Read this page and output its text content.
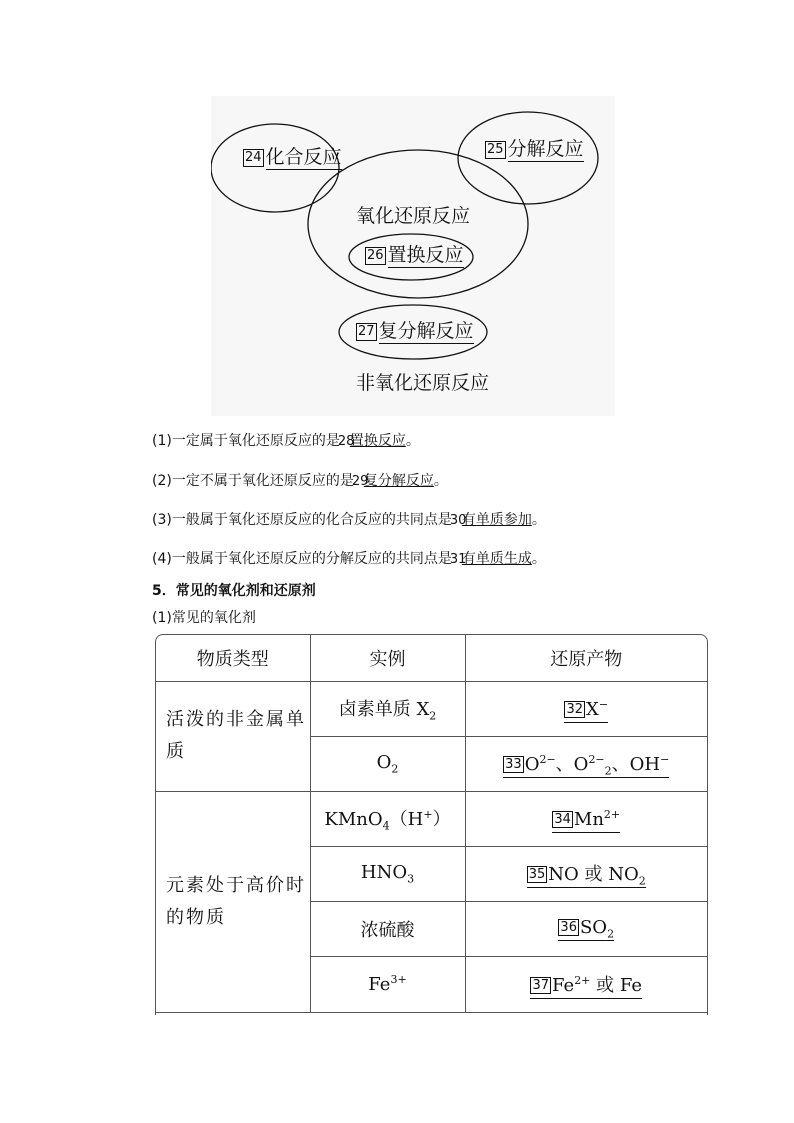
24 化合反应	25 分解反应
氧化还原反应
26 置换反应
27 复分解反应
非氧化还原反应
(1)一定属于氧化还原反应的是
28
置换反应。
(2)一定不属于氧化还原反应的是
29
复分解反应。
(3)一般属于氧化还原反应的化合反应的共同点是
30
有单质参加。
(4)一般属于氧化还原反应的分解反应的共同点是
31
有单质生成。
5．常见的氧化剂和还原剂
(1)常见的氧化剂
物质类型	实例	还原产物
活泼的非金属单质	卤素单质 $X_2$	32 X−
	$O_2$	33 $O^{2-}$、$O^{2-}_2$、OH−
元素处于高价时的物质	KMnO$_4$（H+）	34 $Mn^{2+}$
	$HNO_3$	35 NO 或 $NO_2$
	浓硫酸	36 $SO_2$
	$Fe^{3+}$	37 $Fe^{2+}$ 或 Fe
